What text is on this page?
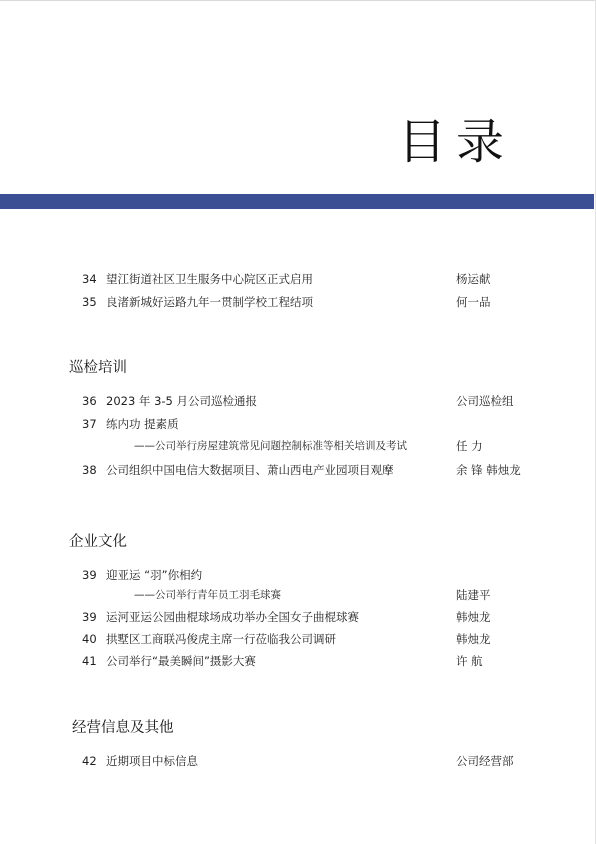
目录
34 望江街道社区卫生服务中心院区正式启用	杨运献
35 良渚新城好运路九年一贯制学校工程结项	何一品
巡检培训
36 2023 年 3-5 月公司巡检通报	公司巡检组
37 练内功 提素质
——公司举行房屋建筑常见问题控制标准等相关培训及考试	任 力
38 公司组织中国电信大数据项目、萧山西电产业园项目观摩	余 锋 韩烛龙
企业文化
39 迎亚运 “羽”你相约
——公司举行青年员工羽毛球赛	陆建平
39 运河亚运公园曲棍球场成功举办全国女子曲棍球赛	韩烛龙
40 拱墅区工商联冯俊虎主席一行莅临我公司调研	韩烛龙
41 公司举行“最美瞬间”摄影大赛	许 航
经营信息及其他
42 近期项目中标信息	公司经营部
